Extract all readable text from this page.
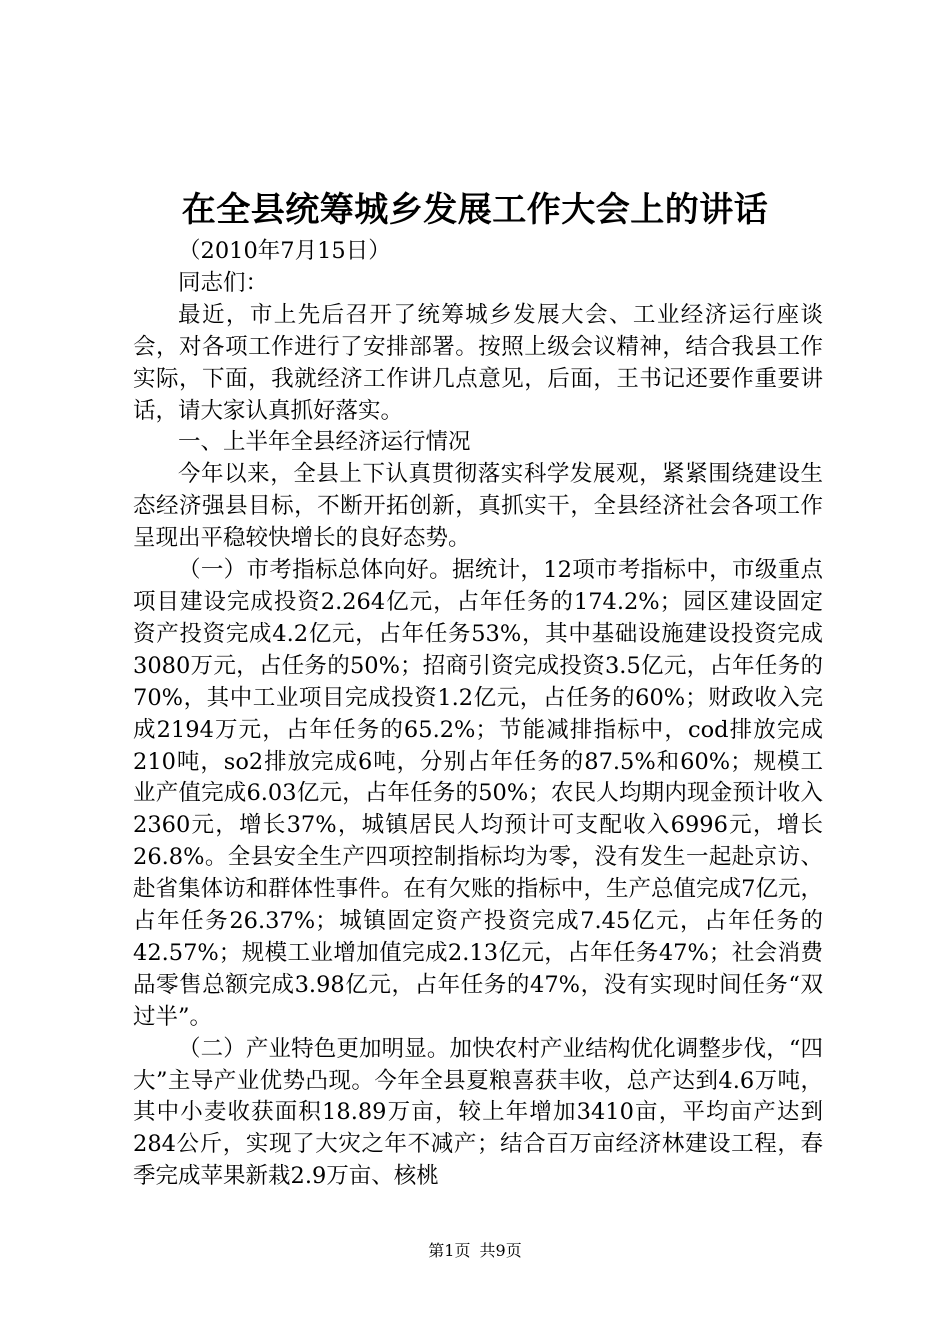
在全县统筹城乡发展工作大会上的讲话

（2010年7月15日）

同志们：

最近，市上先后召开了统筹城乡发展大会、工业经济运行座谈会，对各项工作进行了安排部署。按照上级会议精神，结合我县工作实际，下面，我就经济工作讲几点意见，后面，王书记还要作重要讲话，请大家认真抓好落实。

一、上半年全县经济运行情况

今年以来，全县上下认真贯彻落实科学发展观，紧紧围绕建设生态经济强县目标，不断开拓创新，真抓实干，全县经济社会各项工作呈现出平稳较快增长的良好态势。

（一）市考指标总体向好。据统计，12项市考指标中，市级重点项目建设完成投资2.264亿元，占年任务的174.2%；园区建设固定资产投资完成4.2亿元，占年任务53%，其中基础设施建设投资完成3080万元，占任务的50%；招商引资完成投资3.5亿元，占年任务的70%，其中工业项目完成投资1.2亿元，占任务的60%；财政收入完成2194万元，占年任务的65.2%；节能减排指标中，cod排放完成210吨，so2排放完成6吨，分别占年任务的87.5%和60%；规模工业产值完成6.03亿元，占年任务的50%；农民人均期内现金预计收入2360元，增长37%，城镇居民人均预计可支配收入6996元，增长26.8%。全县安全生产四项控制指标均为零，没有发生一起赴京访、赴省集体访和群体性事件。在有欠账的指标中，生产总值完成7亿元，占年任务26.37%；城镇固定资产投资完成7.45亿元，占年任务的42.57%；规模工业增加值完成2.13亿元，占年任务47%；社会消费品零售总额完成3.98亿元，占年任务的47%，没有实现时间任务“双过半”。

（二）产业特色更加明显。加快农村产业结构优化调整步伐，“四大”主导产业优势凸现。今年全县夏粮喜获丰收，总产达到4.6万吨，其中小麦收获面积18.89万亩，较上年增加3410亩，平均亩产达到284公斤，实现了大灾之年不减产；结合百万亩经济林建设工程，春季完成苹果新栽2.9万亩、核桃

第1页 共9页
